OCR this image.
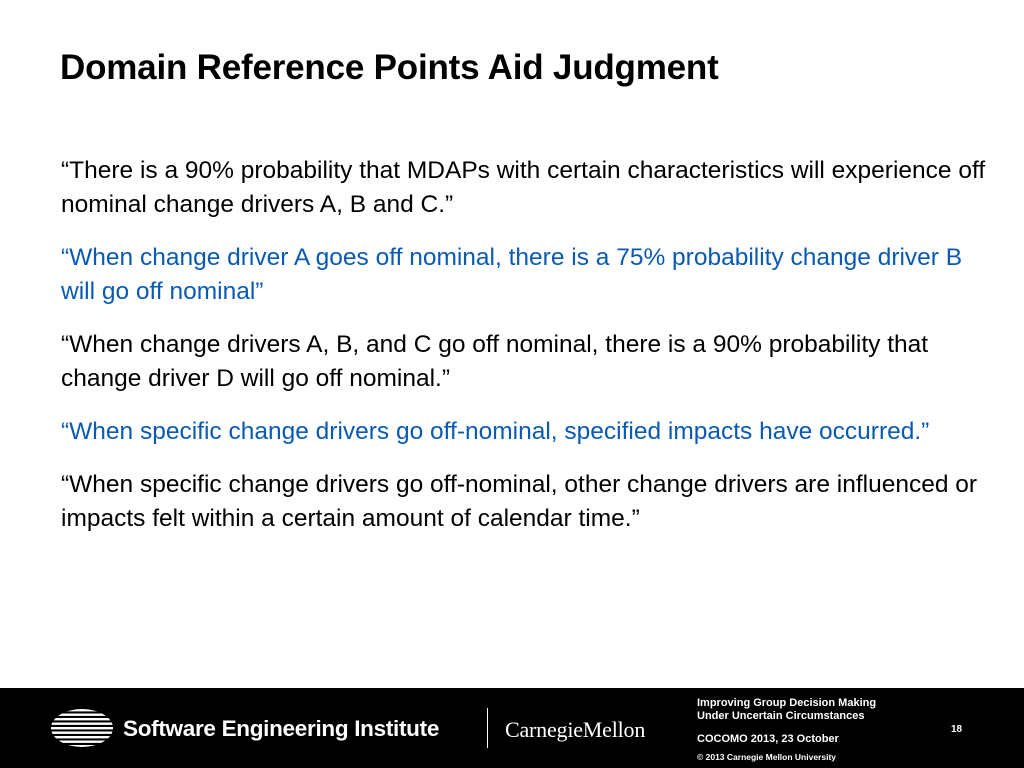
Domain Reference Points Aid Judgment

“There is a 90% probability that MDAPs with certain characteristics will experience off nominal change drivers A, B and C.”

“When change driver A goes off nominal, there is a 75% probability change driver B will go off nominal”

“When change drivers A, B, and C go off nominal, there is a 90% probability that change driver D will go off nominal.”

“When specific change drivers go off-nominal, specified impacts have occurred.”

“When specific change drivers go off-nominal, other change drivers are influenced or impacts felt within a certain amount of calendar time.”

Software Engineering Institute	CarnegieMellon
Improving Group Decision Making
Under Uncertain Circumstances
COCOMO 2013, 23 October
© 2013 Carnegie Mellon University
18
